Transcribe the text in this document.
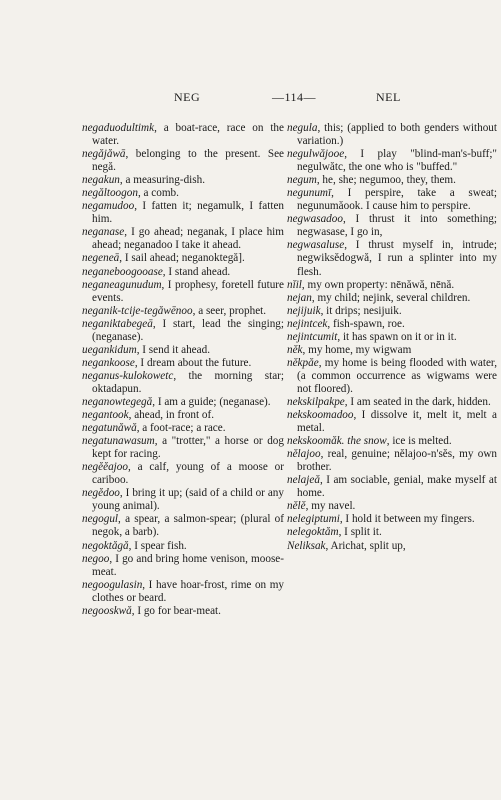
NEG	—114—	NEL

negaduodultimk, a boat-race, race on the water.

negăjăwā, belonging to the present. See negă.

negakun, a measuring-dish.

negăltoogon, a comb.

negamudoo, I fatten it; negamulk, I fatten him.

neganase, I go ahead; neganak, I place him ahead; neganadoo I take it ahead.

negeneā, I sail ahead; neganoktegă].

neganeboogooase, I stand ahead.

neganeagunudum, I prophesy, foretell future events.

neganik-tcije-tegăwēnoo, a seer, prophet.

neganiktabegeā, I start, lead the singing; (neganase).

uegankidum, I send it ahead.

negankoose, I dream about the future.

neganus-kulokowetc, the morning star; oktadapun.

neganowtegegă, I am a guide; (neganase).

negantook, ahead, in front of.

negatunăwă, a foot-race; a race.

negatunawasum, a "trotter," a horse or dog kept for racing.

negĕĕajoo, a calf, young of a moose or cariboo.

negĕdoo, I bring it up; (said of a child or any young animal).

negogul, a spear, a salmon-spear; (plural of negok, a barb).

negoktăgă, I spear fish.

negoo, I go and bring home venison, moose-meat.

negoogulasin, I have hoar-frost, rime on my clothes or beard.

negooskwă, I go for bear-meat.

negula, this; (applied to both genders without variation.)

negulwăjooe, I play "blind-man's-buff;" negulwătc, the one who is "buffed."

negum, he, she; negumoo, they, them.

negunumī, I perspire, take a sweat; negunumăook. I cause him to perspire.

negwasadoo, I thrust it into something; negwasase, I go in,

negwasaluse, I thrust myself in, intrude; negwiksĕdogwă, I run a splinter into my flesh.

nĭil, my own property: nēnăwă, nēnă.

nejan, my child; nejink, several children.

nejijuik, it drips; nesijuik.

nejintcek, fish-spawn, roe.

nejintcumit, it has spawn on it or in it.

nĕk, my home, my wigwam

nĕkpăe, my home is being flooded with water, (a common occurrence as wigwams were not floored).

nekskilpakpe, I am seated in the dark, hidden.

nekskoomadoo, I dissolve it, melt it, melt a metal.

nekskoomăk. the snow, ice is melted.

nĕlajoo, real, genuine; nĕlajoo-n'sĕs, my own brother.

nelajeă, I am sociable, genial, make myself at home.

nĕlĕ, my navel.

nelegiptumi, I hold it between my fingers.

nelegoktăm, I split it.

Neliksak, Arichat, split up,
